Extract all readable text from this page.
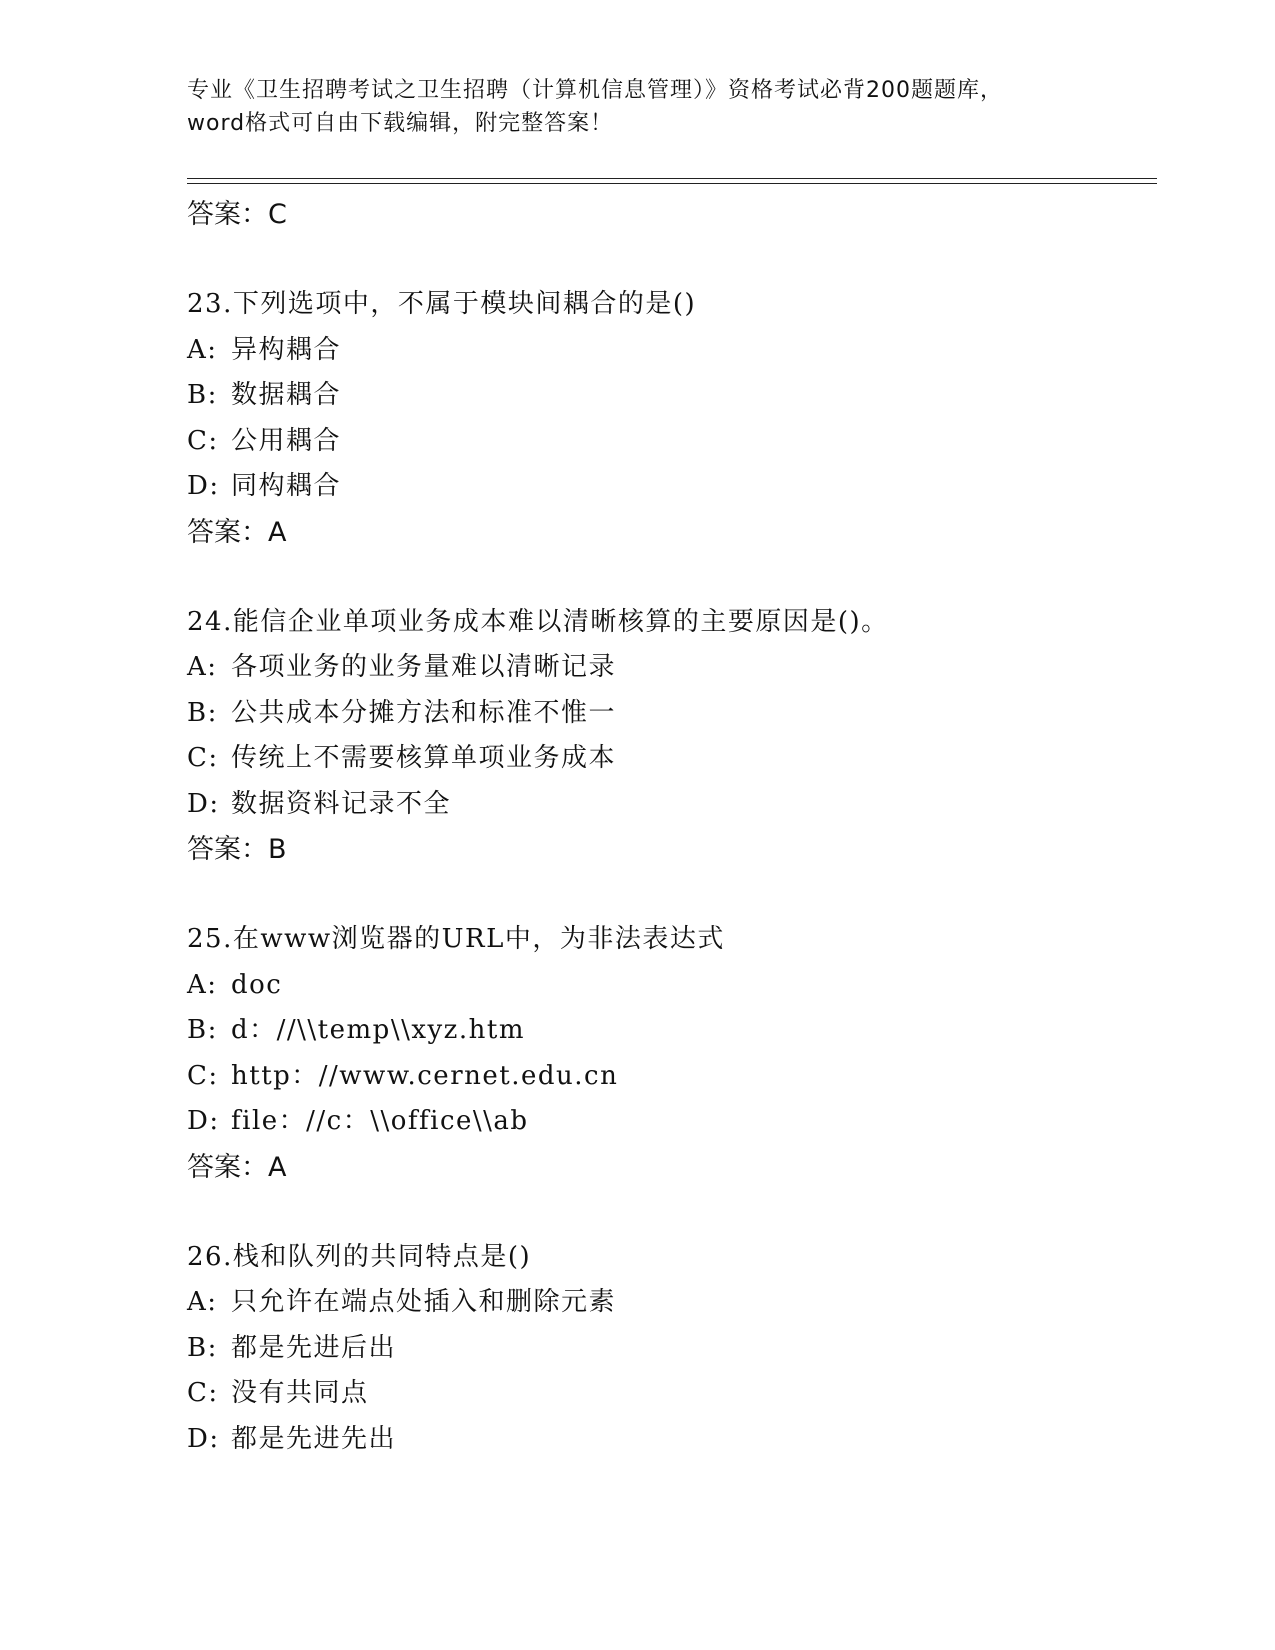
专业《卫生招聘考试之卫生招聘（计算机信息管理）》资格考试必背200题题库，
word格式可自由下载编辑，附完整答案！
答案：C
23.下列选项中，不属于模块间耦合的是()
A: 异构耦合
B: 数据耦合
C: 公用耦合
D: 同构耦合
答案：A
24.能信企业单项业务成本难以清晰核算的主要原因是()。
A: 各项业务的业务量难以清晰记录
B: 公共成本分摊方法和标准不惟一
C: 传统上不需要核算单项业务成本
D: 数据资料记录不全
答案：B
25.在www浏览器的URL中，为非法表达式
A: doc
B: d：//\\temp\\xyz.htm
C: http：//www.cernet.edu.cn
D: file：//c：\\office\\ab
答案：A
26.栈和队列的共同特点是()
A: 只允许在端点处插入和删除元素
B: 都是先进后出
C: 没有共同点
D: 都是先进先出
